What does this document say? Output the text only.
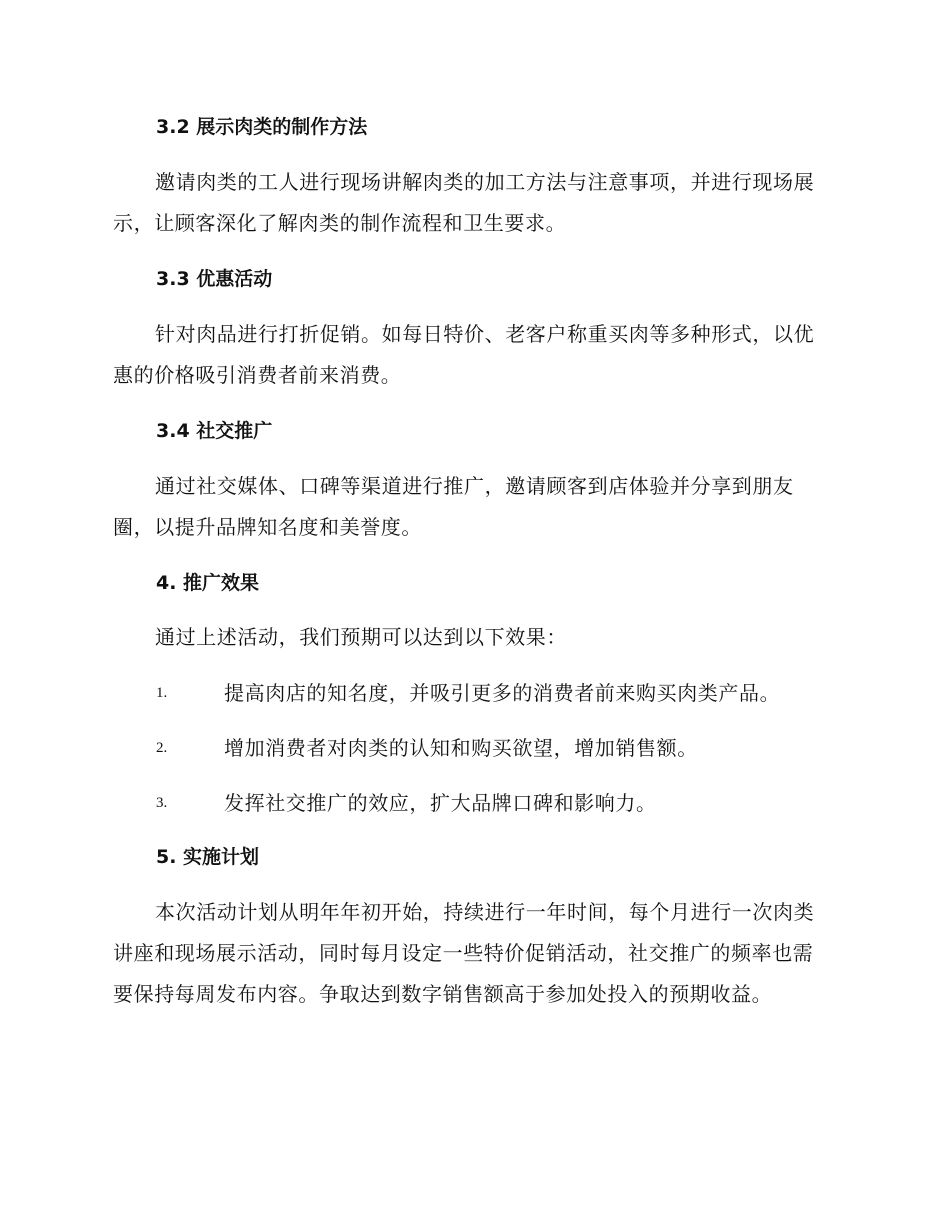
3.2 展示肉类的制作方法

邀请肉类的工人进行现场讲解肉类的加工方法与注意事项，并进行现场展示，让顾客深化了解肉类的制作流程和卫生要求。

3.3 优惠活动

针对肉品进行打折促销。如每日特价、老客户称重买肉等多种形式，以优惠的价格吸引消费者前来消费。

3.4 社交推广

通过社交媒体、口碑等渠道进行推广，邀请顾客到店体验并分享到朋友圈，以提升品牌知名度和美誉度。

4. 推广效果

通过上述活动，我们预期可以达到以下效果：

1.	提高肉店的知名度，并吸引更多的消费者前来购买肉类产品。
2.	增加消费者对肉类的认知和购买欲望，增加销售额。
3.	发挥社交推广的效应，扩大品牌口碑和影响力。
5. 实施计划

本次活动计划从明年年初开始，持续进行一年时间，每个月进行一次肉类讲座和现场展示活动，同时每月设定一些特价促销活动，社交推广的频率也需要保持每周发布内容。争取达到数字销售额高于参加处投入的预期收益。
